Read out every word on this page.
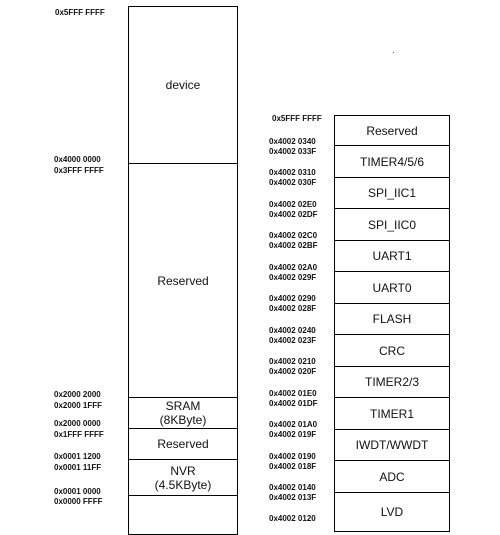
device
Reserved
SRAM
(8KByte)
Reserved
NVR
(4.5KByte)
0x5FFF FFFF
0x4000 0000
0x3FFF FFFF
0x2000 2000
0x2000 1FFF
0x2000 0000
0x1FFF FFFF
0x0001 1200
0x0001 11FF
0x0001 0000
0x0000 FFFF
Reserved
TIMER4/5/6
SPI_IIC1
SPI_IIC0
UART1
UART0
FLASH
CRC
TIMER2/3
TIMER1
IWDT/WWDT
ADC
LVD
0x5FFF FFFF
0x4002 0340
0x4002 033F
0x4002 0310
0x4002 030F
0x4002 02E0
0x4002 02DF
0x4002 02C0
0x4002 02BF
0x4002 02A0
0x4002 029F
0x4002 0290
0x4002 028F
0x4002 0240
0x4002 023F
0x4002 0210
0x4002 020F
0x4002 01E0
0x4002 01DF
0x4002 01A0
0x4002 019F
0x4002 0190
0x4002 018F
0x4002 0140
0x4002 013F
0x4002 0120
·
